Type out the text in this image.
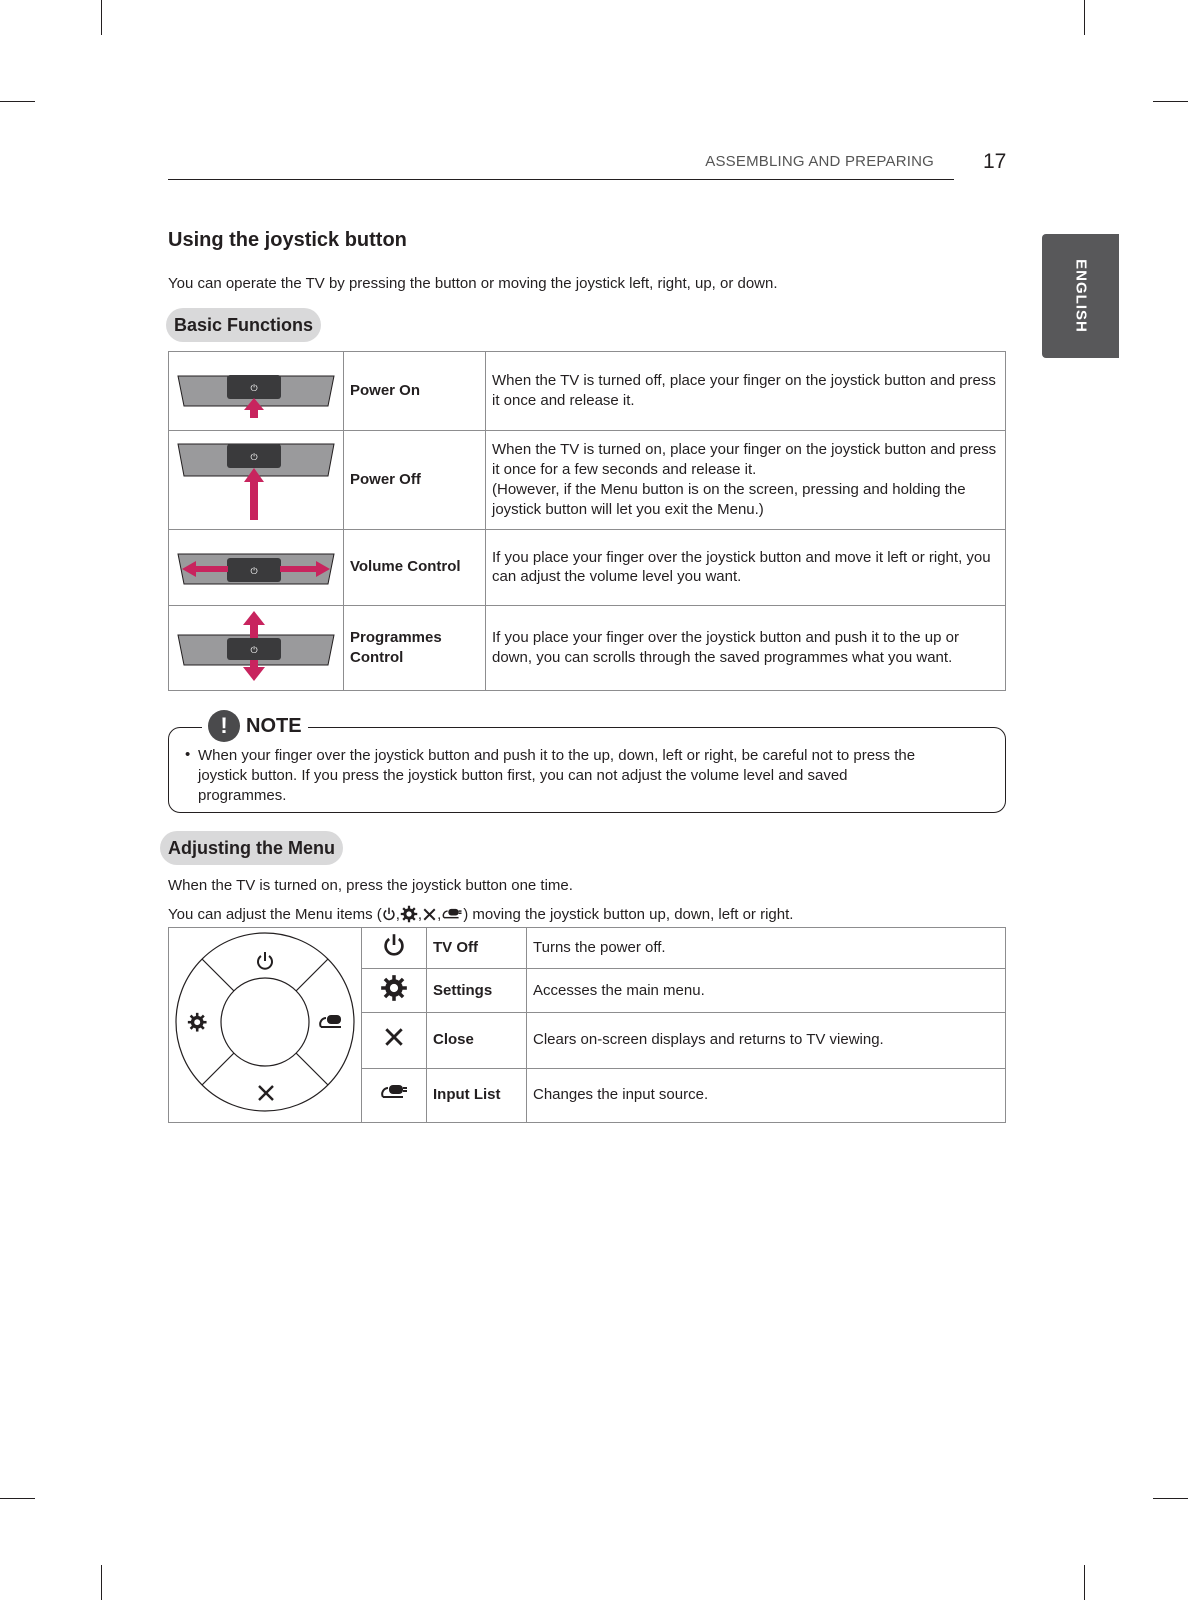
ASSEMBLING AND PREPARING 17
ENGLISH
Using the joystick button

You can operate the TV by pressing the button or moving the joystick left, right, up, or down.

Basic Functions
⏻	Power On	When the TV is turned off, place your finger on the joystick button and press it once and release it.

⏻	Power Off	When the TV is turned on, place your finger on the joystick button and press it once for a few seconds and release it.
(However, if the Menu button is on the screen, pressing and holding the joystick button will let you exit the Menu.)

⏻	Volume Control	If you place your finger over the joystick button and move it left or right, you can adjust the volume level you want.

⏻	Programmes Control	If you place your finger over the joystick button and push it to the up or down, you can scrolls through the saved programmes what you want.
! NOTE
• When your finger over the joystick button and push it to the up, down, left or right, be careful not to press the joystick button. If you press the joystick button first, you can not adjust the volume level and saved programmes.

Adjusting the Menu

When the TV is turned on, press the joystick button one time.

You can adjust the Menu items ( , , , ) moving the joystick button up, down, left or right.

		TV Off	Turns the power off.
	Settings	Accesses the main menu.
	Close	Clears on-screen displays and returns to TV viewing.
	Input List	Changes the input source.
